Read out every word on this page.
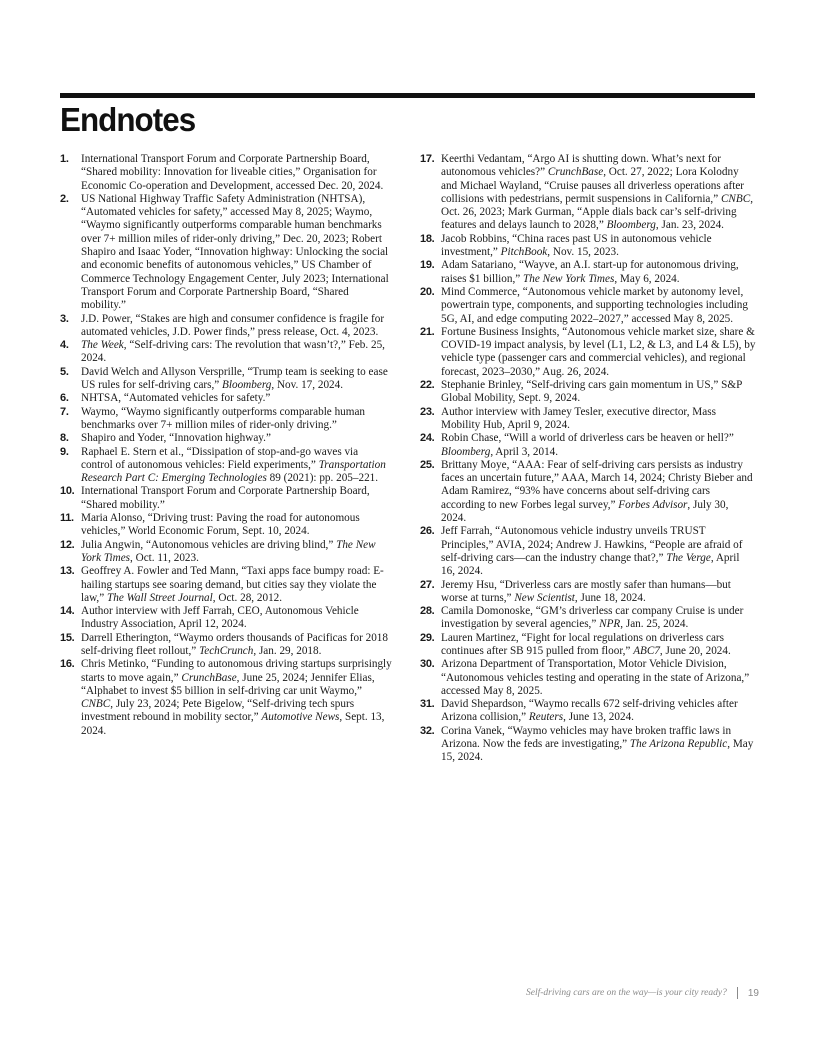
Endnotes
1. International Transport Forum and Corporate Partnership Board, “Shared mobility: Innovation for liveable cities,” Organisation for Economic Co-operation and Development, accessed Dec. 20, 2024.
2. US National Highway Traffic Safety Administration (NHTSA), “Automated vehicles for safety,” accessed May 8, 2025; Waymo, “Waymo significantly outperforms comparable human benchmarks over 7+ million miles of rider-only driving,” Dec. 20, 2023; Robert Shapiro and Isaac Yoder, “Innovation highway: Unlocking the social and economic benefits of autonomous vehicles,” US Chamber of Commerce Technology Engagement Center, July 2023; International Transport Forum and Corporate Partnership Board, “Shared mobility.”
3. J.D. Power, “Stakes are high and consumer confidence is fragile for automated vehicles, J.D. Power finds,” press release, Oct. 4, 2023.
4. The Week, “Self-driving cars: The revolution that wasn’t?,” Feb. 25, 2024.
5. David Welch and Allyson Versprille, “Trump team is seeking to ease US rules for self-driving cars,” Bloomberg, Nov. 17, 2024.
6. NHTSA, “Automated vehicles for safety.”
7. Waymo, “Waymo significantly outperforms comparable human benchmarks over 7+ million miles of rider-only driving.”
8. Shapiro and Yoder, “Innovation highway.”
9. Raphael E. Stern et al., “Dissipation of stop-and-go waves via control of autonomous vehicles: Field experiments,” Transportation Research Part C: Emerging Technologies 89 (2021): pp. 205–221.
10. International Transport Forum and Corporate Partnership Board, “Shared mobility.”
11. Maria Alonso, “Driving trust: Paving the road for autonomous vehicles,” World Economic Forum, Sept. 10, 2024.
12. Julia Angwin, “Autonomous vehicles are driving blind,” The New York Times, Oct. 11, 2023.
13. Geoffrey A. Fowler and Ted Mann, “Taxi apps face bumpy road: E-hailing startups see soaring demand, but cities say they violate the law,” The Wall Street Journal, Oct. 28, 2012.
14. Author interview with Jeff Farrah, CEO, Autonomous Vehicle Industry Association, April 12, 2024.
15. Darrell Etherington, “Waymo orders thousands of Pacificas for 2018 self-driving fleet rollout,” TechCrunch, Jan. 29, 2018.
16. Chris Metinko, “Funding to autonomous driving startups surprisingly starts to move again,” CrunchBase, June 25, 2024; Jennifer Elias, “Alphabet to invest $5 billion in self-driving car unit Waymo,” CNBC, July 23, 2024; Pete Bigelow, “Self-driving tech spurs investment rebound in mobility sector,” Automotive News, Sept. 13, 2024.
17. Keerthi Vedantam, “Argo AI is shutting down. What’s next for autonomous vehicles?” CrunchBase, Oct. 27, 2022; Lora Kolodny and Michael Wayland, “Cruise pauses all driverless operations after collisions with pedestrians, permit suspensions in California,” CNBC, Oct. 26, 2023; Mark Gurman, “Apple dials back car’s self-driving features and delays launch to 2028,” Bloomberg, Jan. 23, 2024.
18. Jacob Robbins, “China races past US in autonomous vehicle investment,” PitchBook, Nov. 15, 2023.
19. Adam Satariano, “Wayve, an A.I. start-up for autonomous driving, raises $1 billion,” The New York Times, May 6, 2024.
20. Mind Commerce, “Autonomous vehicle market by autonomy level, powertrain type, components, and supporting technologies including 5G, AI, and edge computing 2022–2027,” accessed May 8, 2025.
21. Fortune Business Insights, “Autonomous vehicle market size, share & COVID-19 impact analysis, by level (L1, L2, & L3, and L4 & L5), by vehicle type (passenger cars and commercial vehicles), and regional forecast, 2023–2030,” Aug. 26, 2024.
22. Stephanie Brinley, “Self-driving cars gain momentum in US,” S&P Global Mobility, Sept. 9, 2024.
23. Author interview with Jamey Tesler, executive director, Mass Mobility Hub, April 9, 2024.
24. Robin Chase, “Will a world of driverless cars be heaven or hell?” Bloomberg, April 3, 2014.
25. Brittany Moye, “AAA: Fear of self-driving cars persists as industry faces an uncertain future,” AAA, March 14, 2024; Christy Bieber and Adam Ramirez, “93% have concerns about self-driving cars according to new Forbes legal survey,” Forbes Advisor, July 30, 2024.
26. Jeff Farrah, “Autonomous vehicle industry unveils TRUST Principles,” AVIA, 2024; Andrew J. Hawkins, “People are afraid of self-driving cars—can the industry change that?,” The Verge, April 16, 2024.
27. Jeremy Hsu, “Driverless cars are mostly safer than humans—but worse at turns,” New Scientist, June 18, 2024.
28. Camila Domonoske, “GM’s driverless car company Cruise is under investigation by several agencies,” NPR, Jan. 25, 2024.
29. Lauren Martinez, “Fight for local regulations on driverless cars continues after SB 915 pulled from floor,” ABC7, June 20, 2024.
30. Arizona Department of Transportation, Motor Vehicle Division, “Autonomous vehicles testing and operating in the state of Arizona,” accessed May 8, 2025.
31. David Shepardson, “Waymo recalls 672 self-driving vehicles after Arizona collision,” Reuters, June 13, 2024.
32. Corina Vanek, “Waymo vehicles may have broken traffic laws in Arizona. Now the feds are investigating,” The Arizona Republic, May 15, 2024.
Self-driving cars are on the way—is your city ready? 19
